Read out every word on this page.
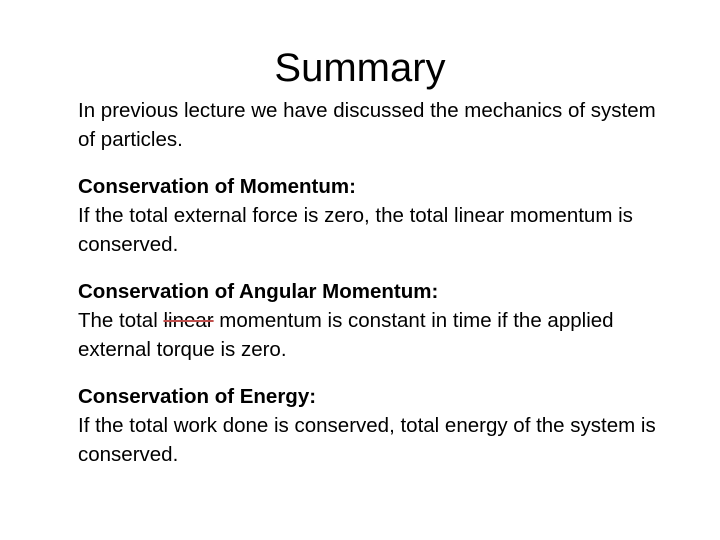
Summary

In previous lecture we have discussed the mechanics of system of particles.

Conservation of Momentum:
If the total external force is zero, the total linear momentum is conserved.
Conservation of Angular Momentum:
The total linear momentum is constant in time if the applied external torque is zero.
Conservation of Energy:
If the total work done is conserved, total energy of the system is conserved.
